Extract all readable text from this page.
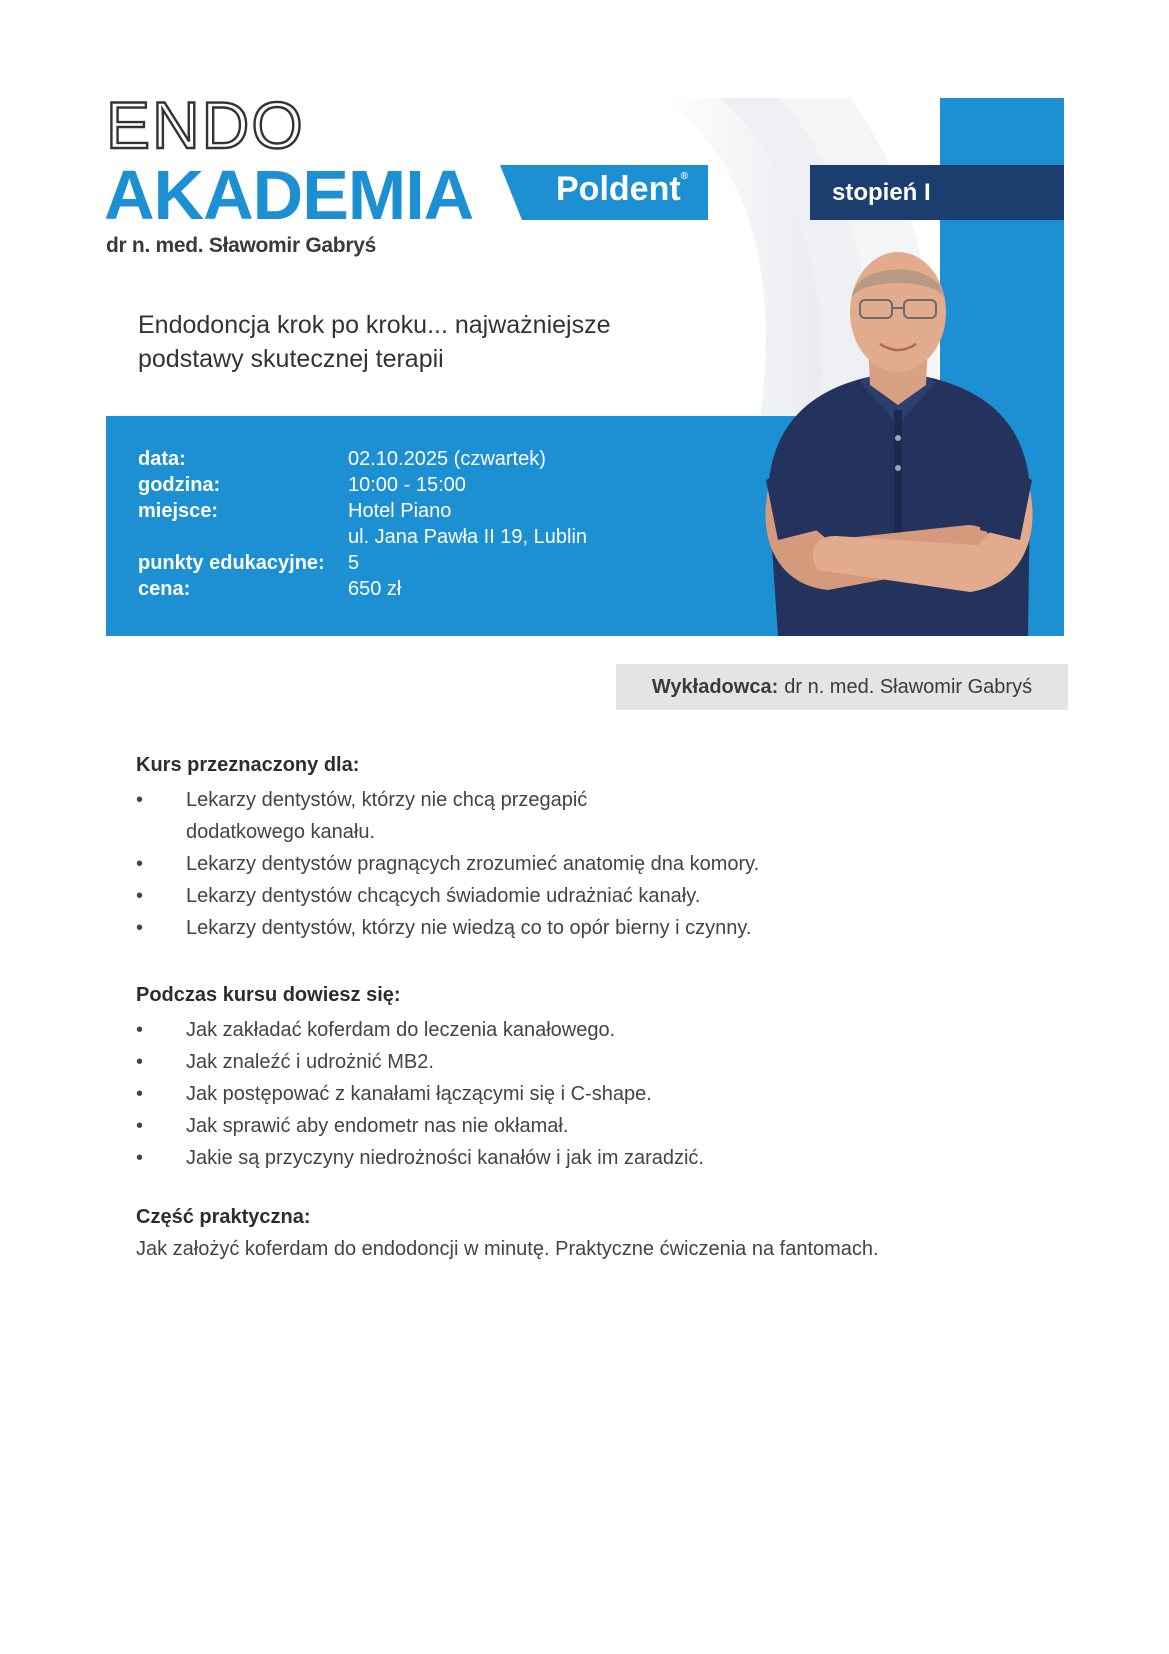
ENDO
AKADEMIA Poldent®
dr n. med. Sławomir Gabryś
stopień I
Endodoncja krok po kroku... najważniejsze
podstawy skutecznej terapii
data:	02.10.2025 (czwartek)
godzina:	10:00 - 15:00
miejsce:	Hotel Piano
ul. Jana Pawła II 19, Lublin
punkty edukacyjne: 5
cena:	650 zł
Wykładowca: dr n. med. Sławomir Gabryś
Kurs przeznaczony dla:
• Lekarzy dentystów, którzy nie chcą przegapić
dodatkowego kanału.
• Lekarzy dentystów pragnących zrozumieć anatomię dna komory.
• Lekarzy dentystów chcących świadomie udrażniać kanały.
• Lekarzy dentystów, którzy nie wiedzą co to opór bierny i czynny.
Podczas kursu dowiesz się:
• Jak zakładać koferdam do leczenia kanałowego.
• Jak znaleźć i udrożnić MB2.
• Jak postępować z kanałami łączącymi się i C-shape.
• Jak sprawić aby endometr nas nie okłamał.
• Jakie są przyczyny niedrożności kanałów i jak im zaradzić.
Część praktyczna:
Jak założyć koferdam do endodoncji w minutę. Praktyczne ćwiczenia na fantomach.
